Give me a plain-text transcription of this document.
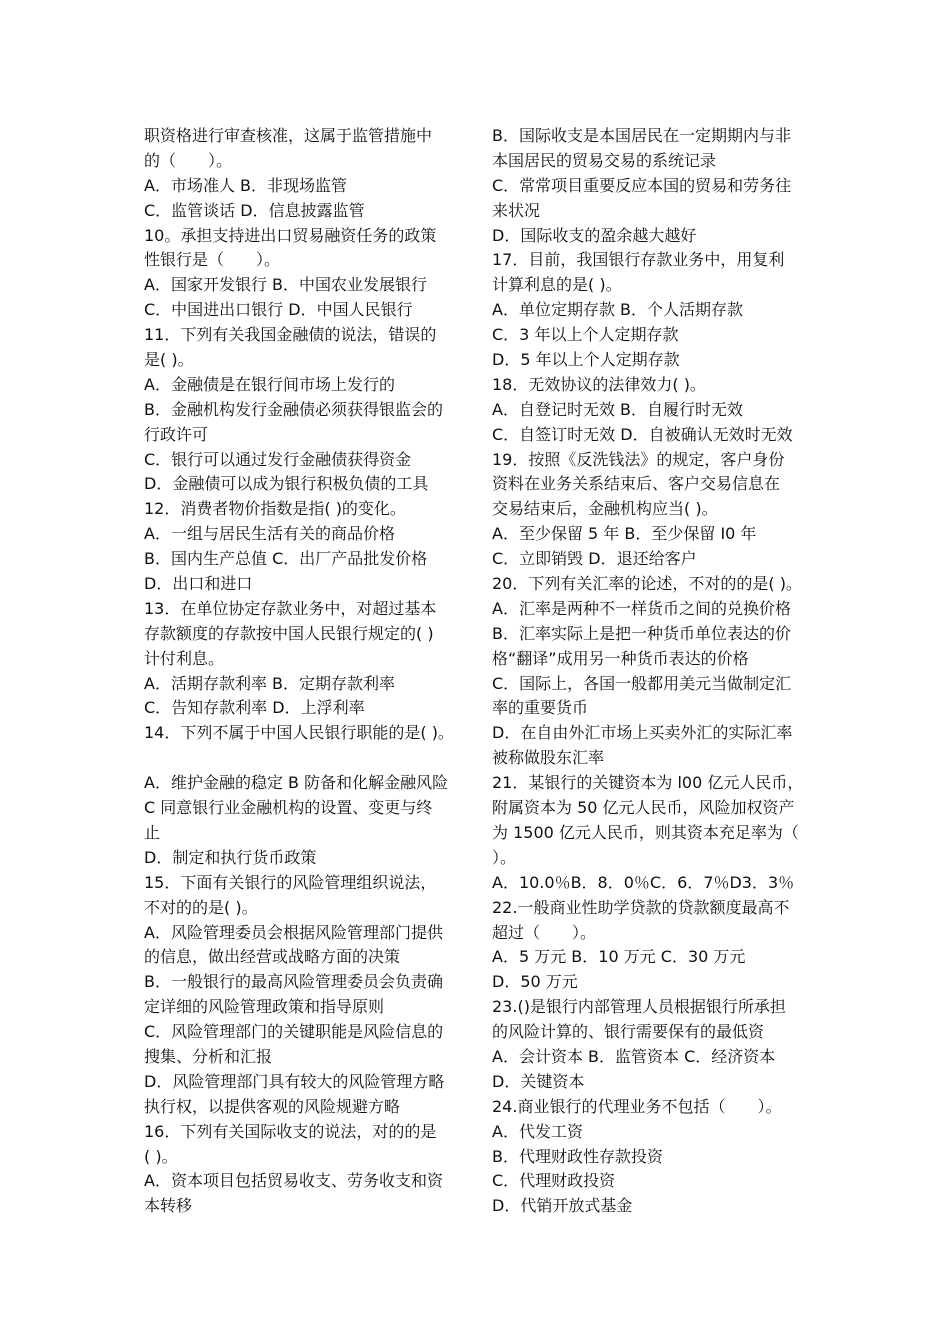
职资格进行审查核准，这属于监管措施中
的（　　）。
A．市场准人 B．非现场监管
C．监管谈话 D．信息披露监管
10。承担支持进出口贸易融资任务的政策
性银行是（　　）。
A．国家开发银行 B．中国农业发展银行
C．中国进出口银行 D．中国人民银行
11．下列有关我国金融债的说法，错误的
是( )。
A．金融债是在银行间市场上发行的
B．金融机构发行金融债必须获得银监会的
行政许可
C．银行可以通过发行金融债获得资金
D．金融债可以成为银行积极负债的工具
12．消费者物价指数是指( )的变化。
A．一组与居民生活有关的商品价格
B．国内生产总值 C．出厂产品批发价格
D．出口和进口
13．在单位协定存款业务中，对超过基本
存款额度的存款按中国人民银行规定的( )
计付利息。
A．活期存款利率 B．定期存款利率
C．告知存款利率 D．上浮利率
14．下列不属于中国人民银行职能的是( )。
A．维护金融的稳定 B 防备和化解金融风险
C 同意银行业金融机构的设置、变更与终
止
D．制定和执行货币政策
15．下面有关银行的风险管理组织说法，
不对的的是( )。
A．风险管理委员会根据风险管理部门提供
的信息，做出经营或战略方面的决策
B．一般银行的最高风险管理委员会负责确
定详细的风险管理政策和指导原则
C．风险管理部门的关键职能是风险信息的
搜集、分析和汇报
D．风险管理部门具有较大的风险管理方略
执行权，以提供客观的风险规避方略
16．下列有关国际收支的说法，对的的是
( )。
A．资本项目包括贸易收支、劳务收支和资
本转移
B．国际收支是本国居民在一定期期内与非
本国居民的贸易交易的系统记录
C．常常项目重要反应本国的贸易和劳务往
来状况
D．国际收支的盈余越大越好
17．目前，我国银行存款业务中，用复利
计算利息的是( )。
A．单位定期存款 B．个人活期存款
C．3 年以上个人定期存款
D．5 年以上个人定期存款
18．无效协议的法律效力( )。
A．自登记时无效 B．自履行时无效
C．自签订时无效 D．自被确认无效时无效
19．按照《反洗钱法》的规定，客户身份
资料在业务关系结束后、客户交易信息在
交易结束后，金融机构应当( )。
A．至少保留 5 年 B．至少保留 I0 年
C．立即销毁 D．退还给客户
20．下列有关汇率的论述，不对的的是( )。
A．汇率是两种不一样货币之间的兑换价格
B．汇率实际上是把一种货币单位表达的价
格“翻译”成用另一种货币表达的价格
C．国际上，各国一般都用美元当做制定汇
率的重要货币
D．在自由外汇市场上买卖外汇的实际汇率
被称做股东汇率
21．某银行的关键资本为 l00 亿元人民币，
附属资本为 50 亿元人民币，风险加权资产
为 1500 亿元人民币，则其资本充足率为（
）。
A．10.0％B．8．0％C．6．7％D3．3％
22.一般商业性助学贷款的贷款额度最高不
超过（　　）。
A．5 万元 B．10 万元 C．30 万元
D．50 万元
23.()是银行内部管理人员根据银行所承担
的风险计算的、银行需要保有的最低资
A．会计资本 B．监管资本 C．经济资本
D．关键资本
24.商业银行的代理业务不包括（　　）。
A．代发工资
B．代理财政性存款投资
C．代理财政投资
D．代销开放式基金
